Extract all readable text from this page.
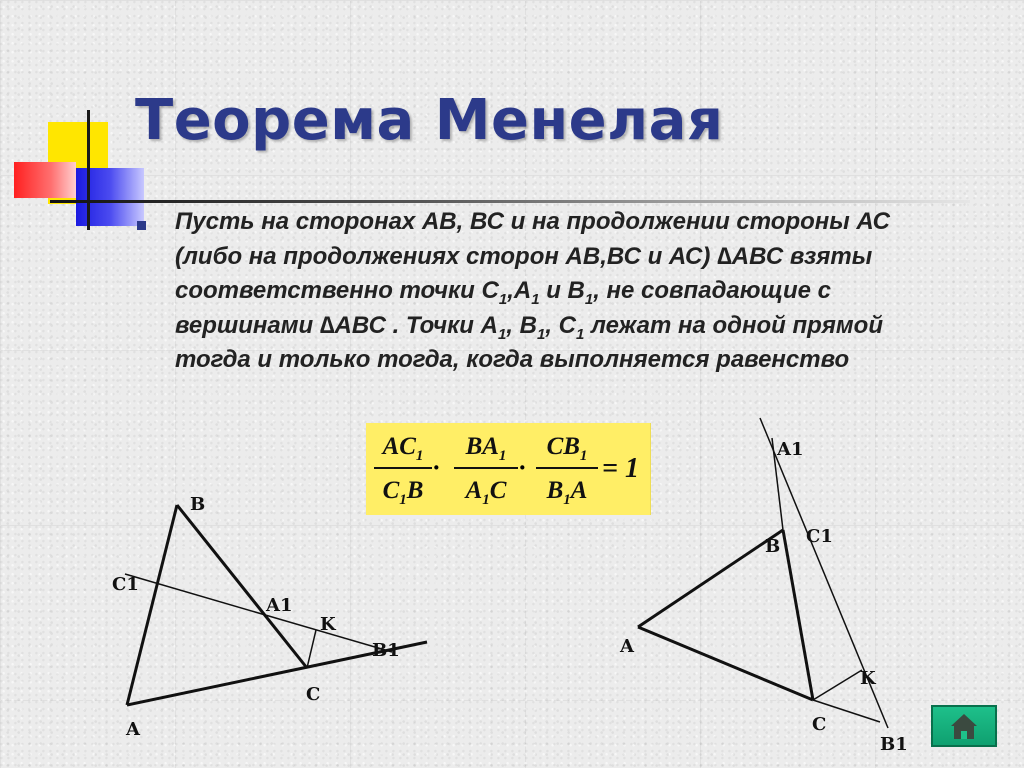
Теорема Менелая

Пусть на сторонах АВ, ВС и на продолжении стороны АС (либо на продолжениях сторон АВ,ВС и АС) ∆АВС взяты соответственно точки $С_1,А_1$ и $В_1$, не совпадающие с вершинами ∆АВС . Точки $А_1$, $В_1$, $С_1$ лежат на одной прямой тогда и только тогда, когда выполняется равенство

$AC_1$
$C_1B$
·
$BA_1$
$A_1C$
·
$CB_1$
$B_1A$
= 1
B
C1
A1
K
B1
C
A
A1
C1
B
A
K
C
B1
